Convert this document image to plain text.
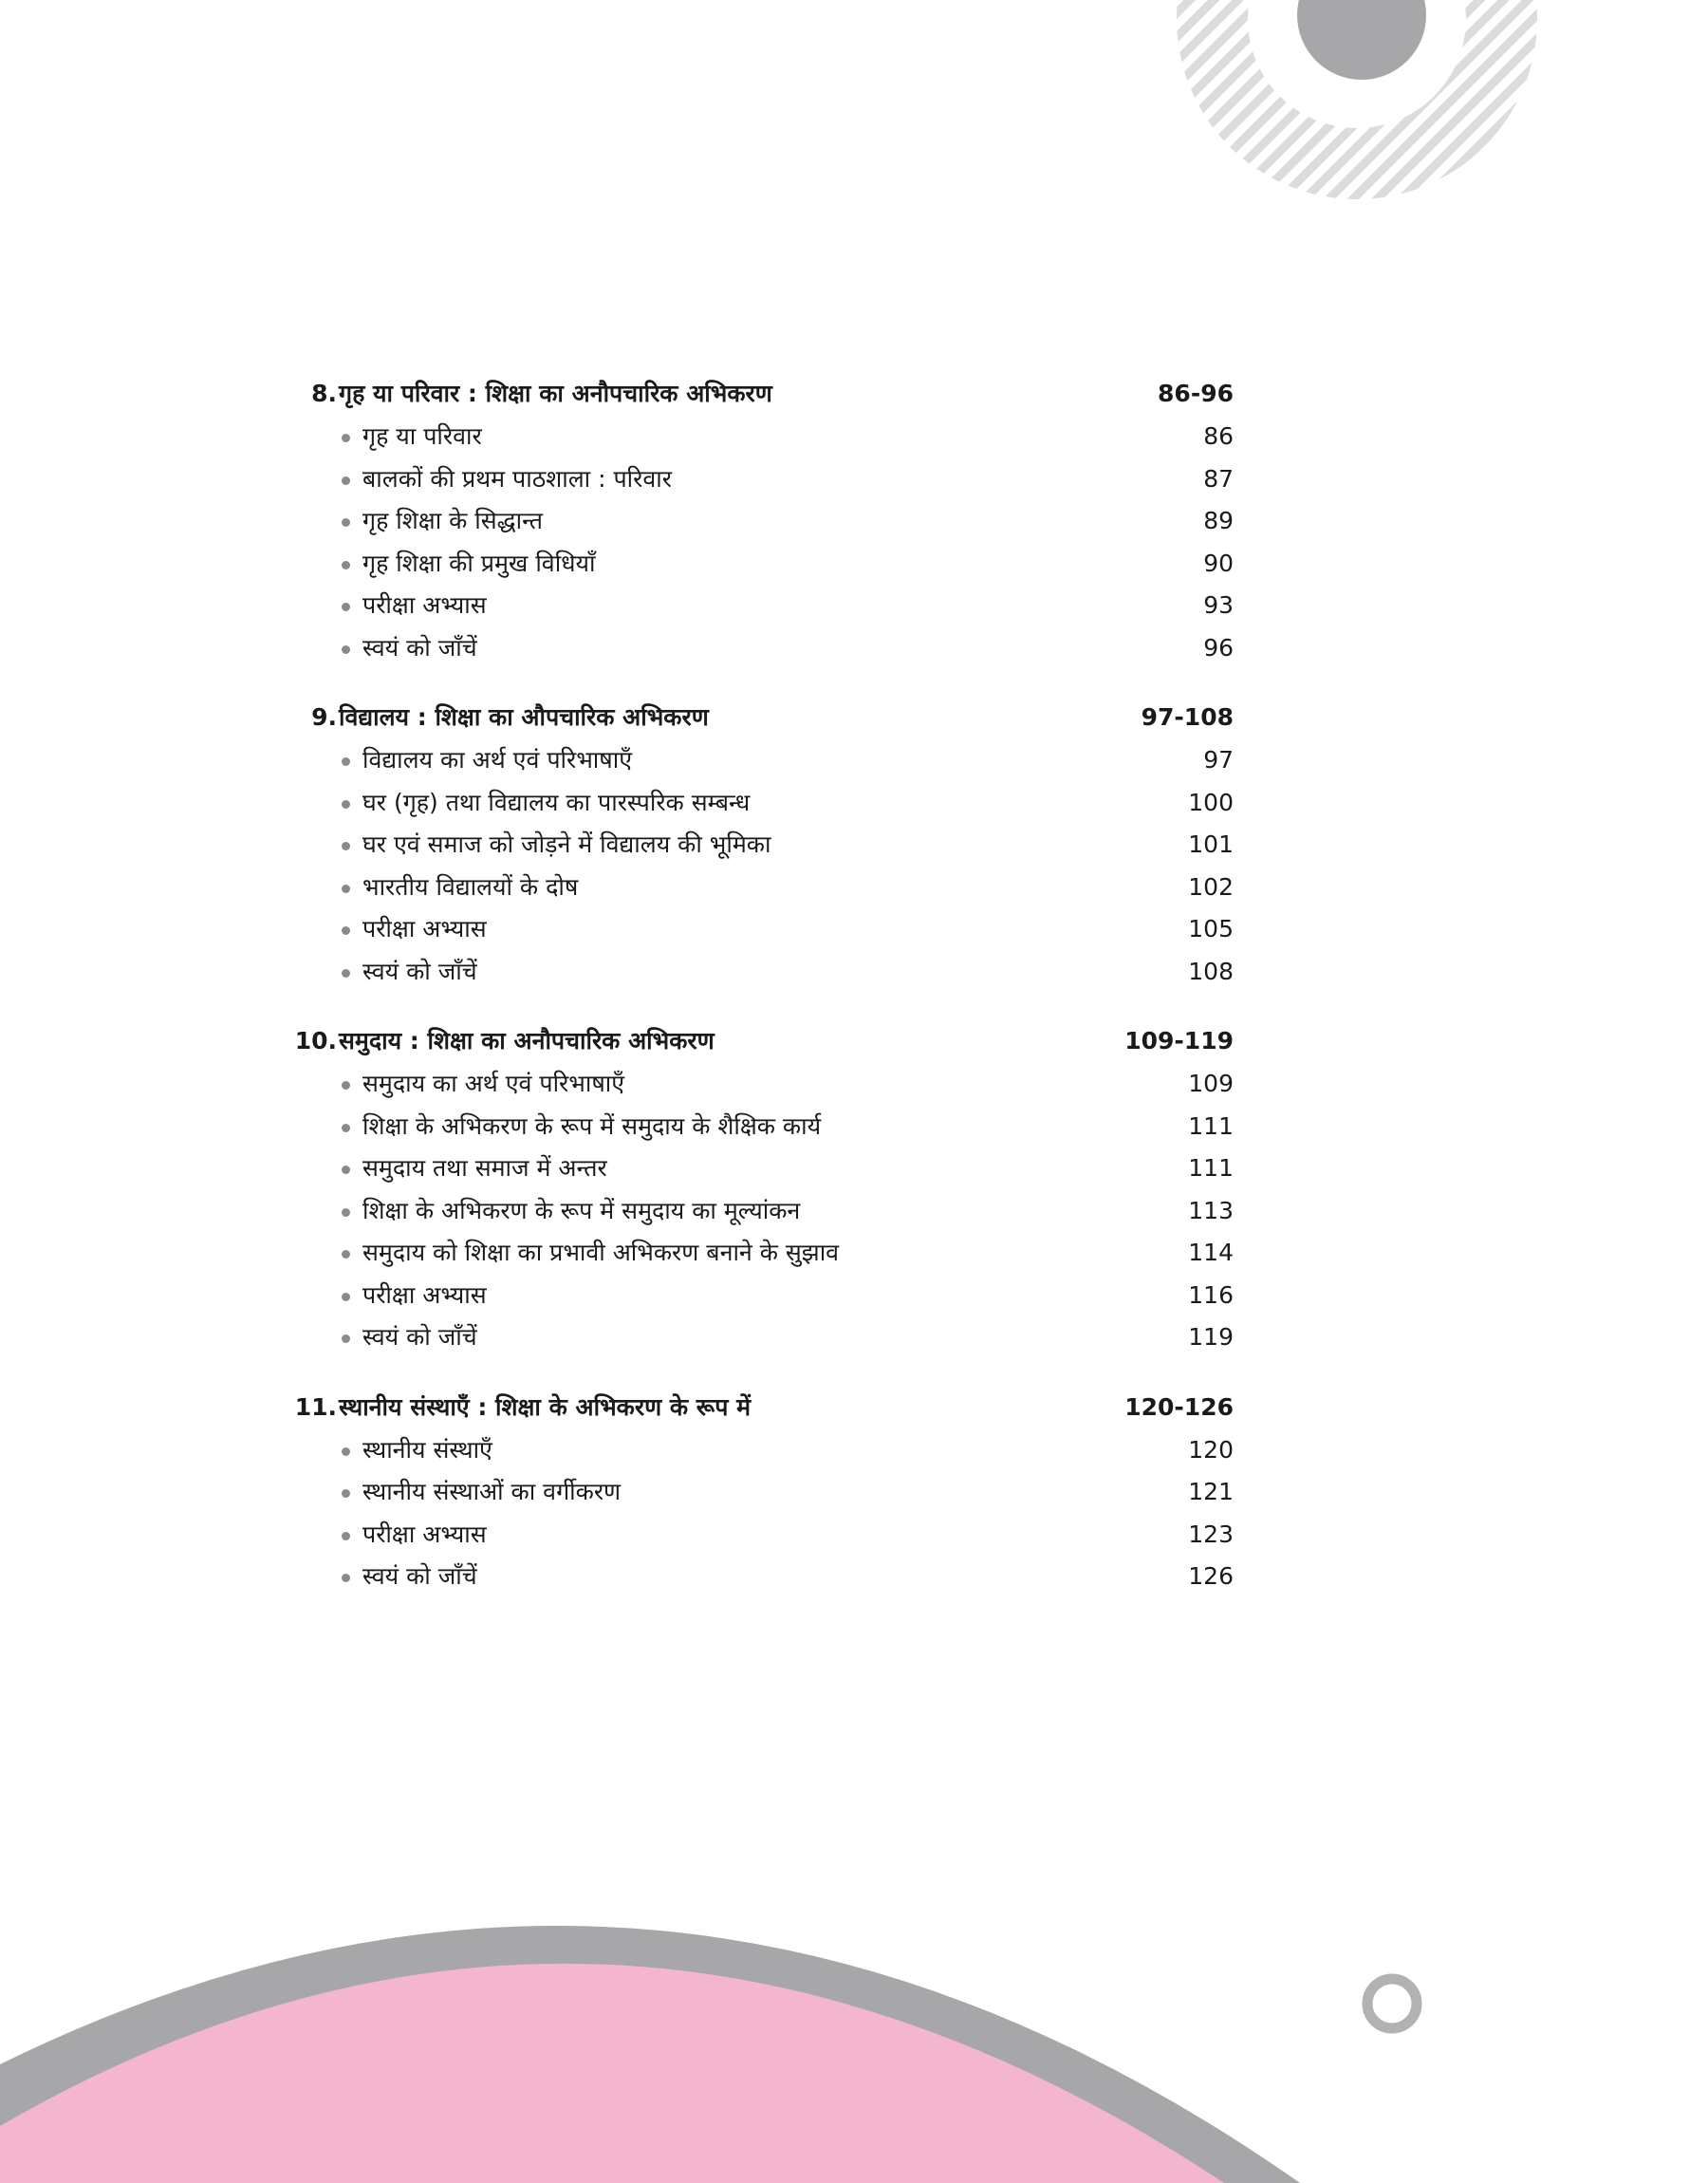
8. गृह या परिवार : शिक्षा का अनौपचारिक अभिकरण	86-96
गृह या परिवार	86
बालकों की प्रथम पाठशाला : परिवार	87
गृह शिक्षा के सिद्धान्त	89
गृह शिक्षा की प्रमुख विधियाँ	90
परीक्षा अभ्यास	93
स्वयं को जाँचें	96
9. विद्यालय : शिक्षा का औपचारिक अभिकरण	97-108
विद्यालय का अर्थ एवं परिभाषाएँ	97
घर (गृह) तथा विद्यालय का पारस्परिक सम्बन्ध	100
घर एवं समाज को जोड़ने में विद्यालय की भूमिका	101
भारतीय विद्यालयों के दोष	102
परीक्षा अभ्यास	105
स्वयं को जाँचें	108
10. समुदाय : शिक्षा का अनौपचारिक अभिकरण	109-119
समुदाय का अर्थ एवं परिभाषाएँ	109
शिक्षा के अभिकरण के रूप में समुदाय के शैक्षिक कार्य	111
समुदाय तथा समाज में अन्तर	111
शिक्षा के अभिकरण के रूप में समुदाय का मूल्यांकन	113
समुदाय को शिक्षा का प्रभावी अभिकरण बनाने के सुझाव	114
परीक्षा अभ्यास	116
स्वयं को जाँचें	119
11. स्थानीय संस्थाएँ : शिक्षा के अभिकरण के रूप में	120-126
स्थानीय संस्थाएँ	120
स्थानीय संस्थाओं का वर्गीकरण	121
परीक्षा अभ्यास	123
स्वयं को जाँचें	126
